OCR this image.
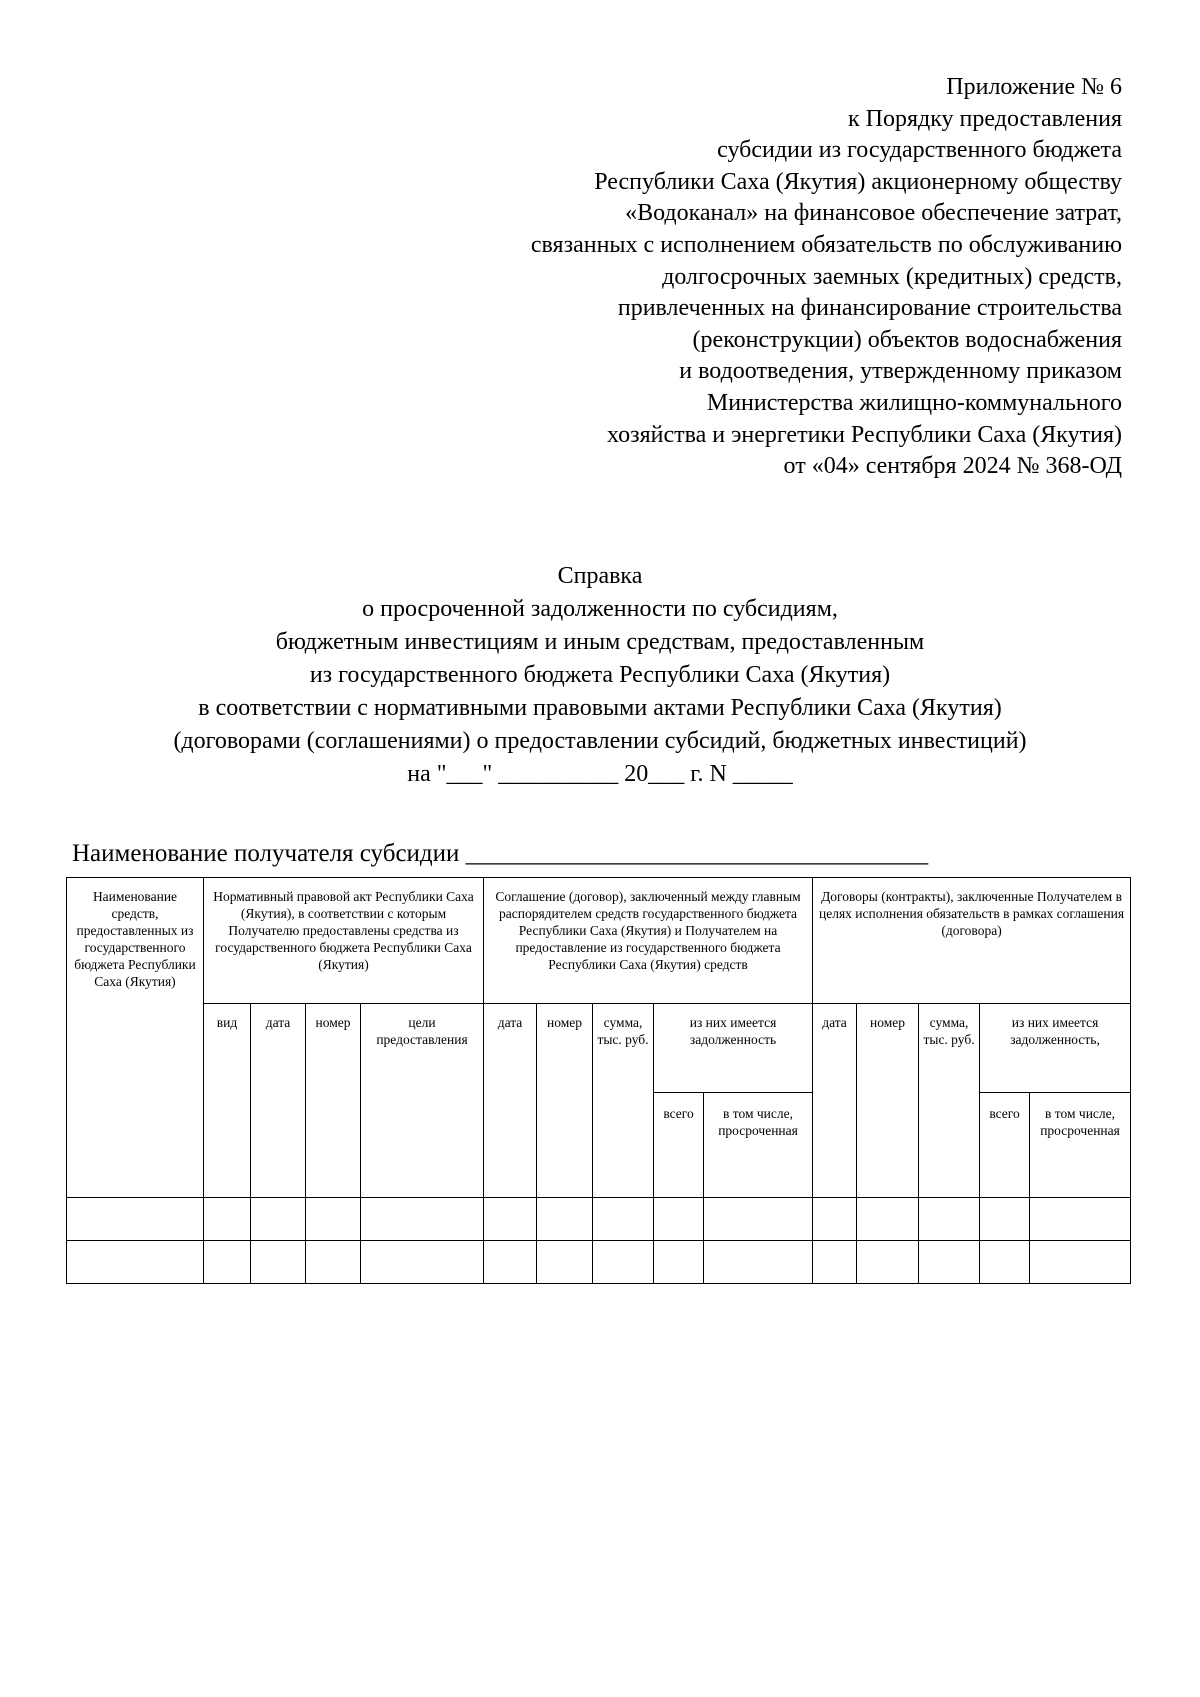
Приложение № 6
к Порядку предоставления
субсидии из государственного бюджета
Республики Саха (Якутия) акционерному обществу
«Водоканал» на финансовое обеспечение затрат,
связанных с исполнением обязательств по обслуживанию
долгосрочных заемных (кредитных) средств,
привлеченных на финансирование строительства
(реконструкции) объектов водоснабжения
и водоотведения, утвержденному приказом
Министерства жилищно-коммунального
хозяйства и энергетики Республики Саха (Якутия)
от «04» сентября 2024 № 368-ОД
Справка
о просроченной задолженности по субсидиям,
бюджетным инвестициям и иным средствам, предоставленным
из государственного бюджета Республики Саха (Якутия)
в соответствии с нормативными правовыми актами Республики Саха (Якутия)
(договорами (соглашениями) о предоставлении субсидий, бюджетных инвестиций)
на "___" __________ 20___ г. N _____
Наименование получателя субсидии _____________________________________
Наименование средств, предоставленных из государственного бюджета Республики Саха (Якутия)	Нормативный правовой акт Республики Саха (Якутия), в соответствии с которым Получателю предоставлены средства из государственного бюджета Республики Саха (Якутия)				Соглашение (договор), заключенный между главным распорядителем средств государственного бюджета Республики Саха (Якутия) и Получателем на предоставление из государственного бюджета Республики Саха (Якутия) средств					Договоры (контракты), заключенные Получателем в целях исполнения обязательств в рамках соглашения (договора)				
	вид	дата	номер	цели предоставления	дата	номер	сумма, тыс. руб.	из них имеется задолженность		дата	номер	сумма, тыс. руб.	из них имеется задолженность,	
								всего	в том числе, просроченная				всего	в том числе, просроченная
